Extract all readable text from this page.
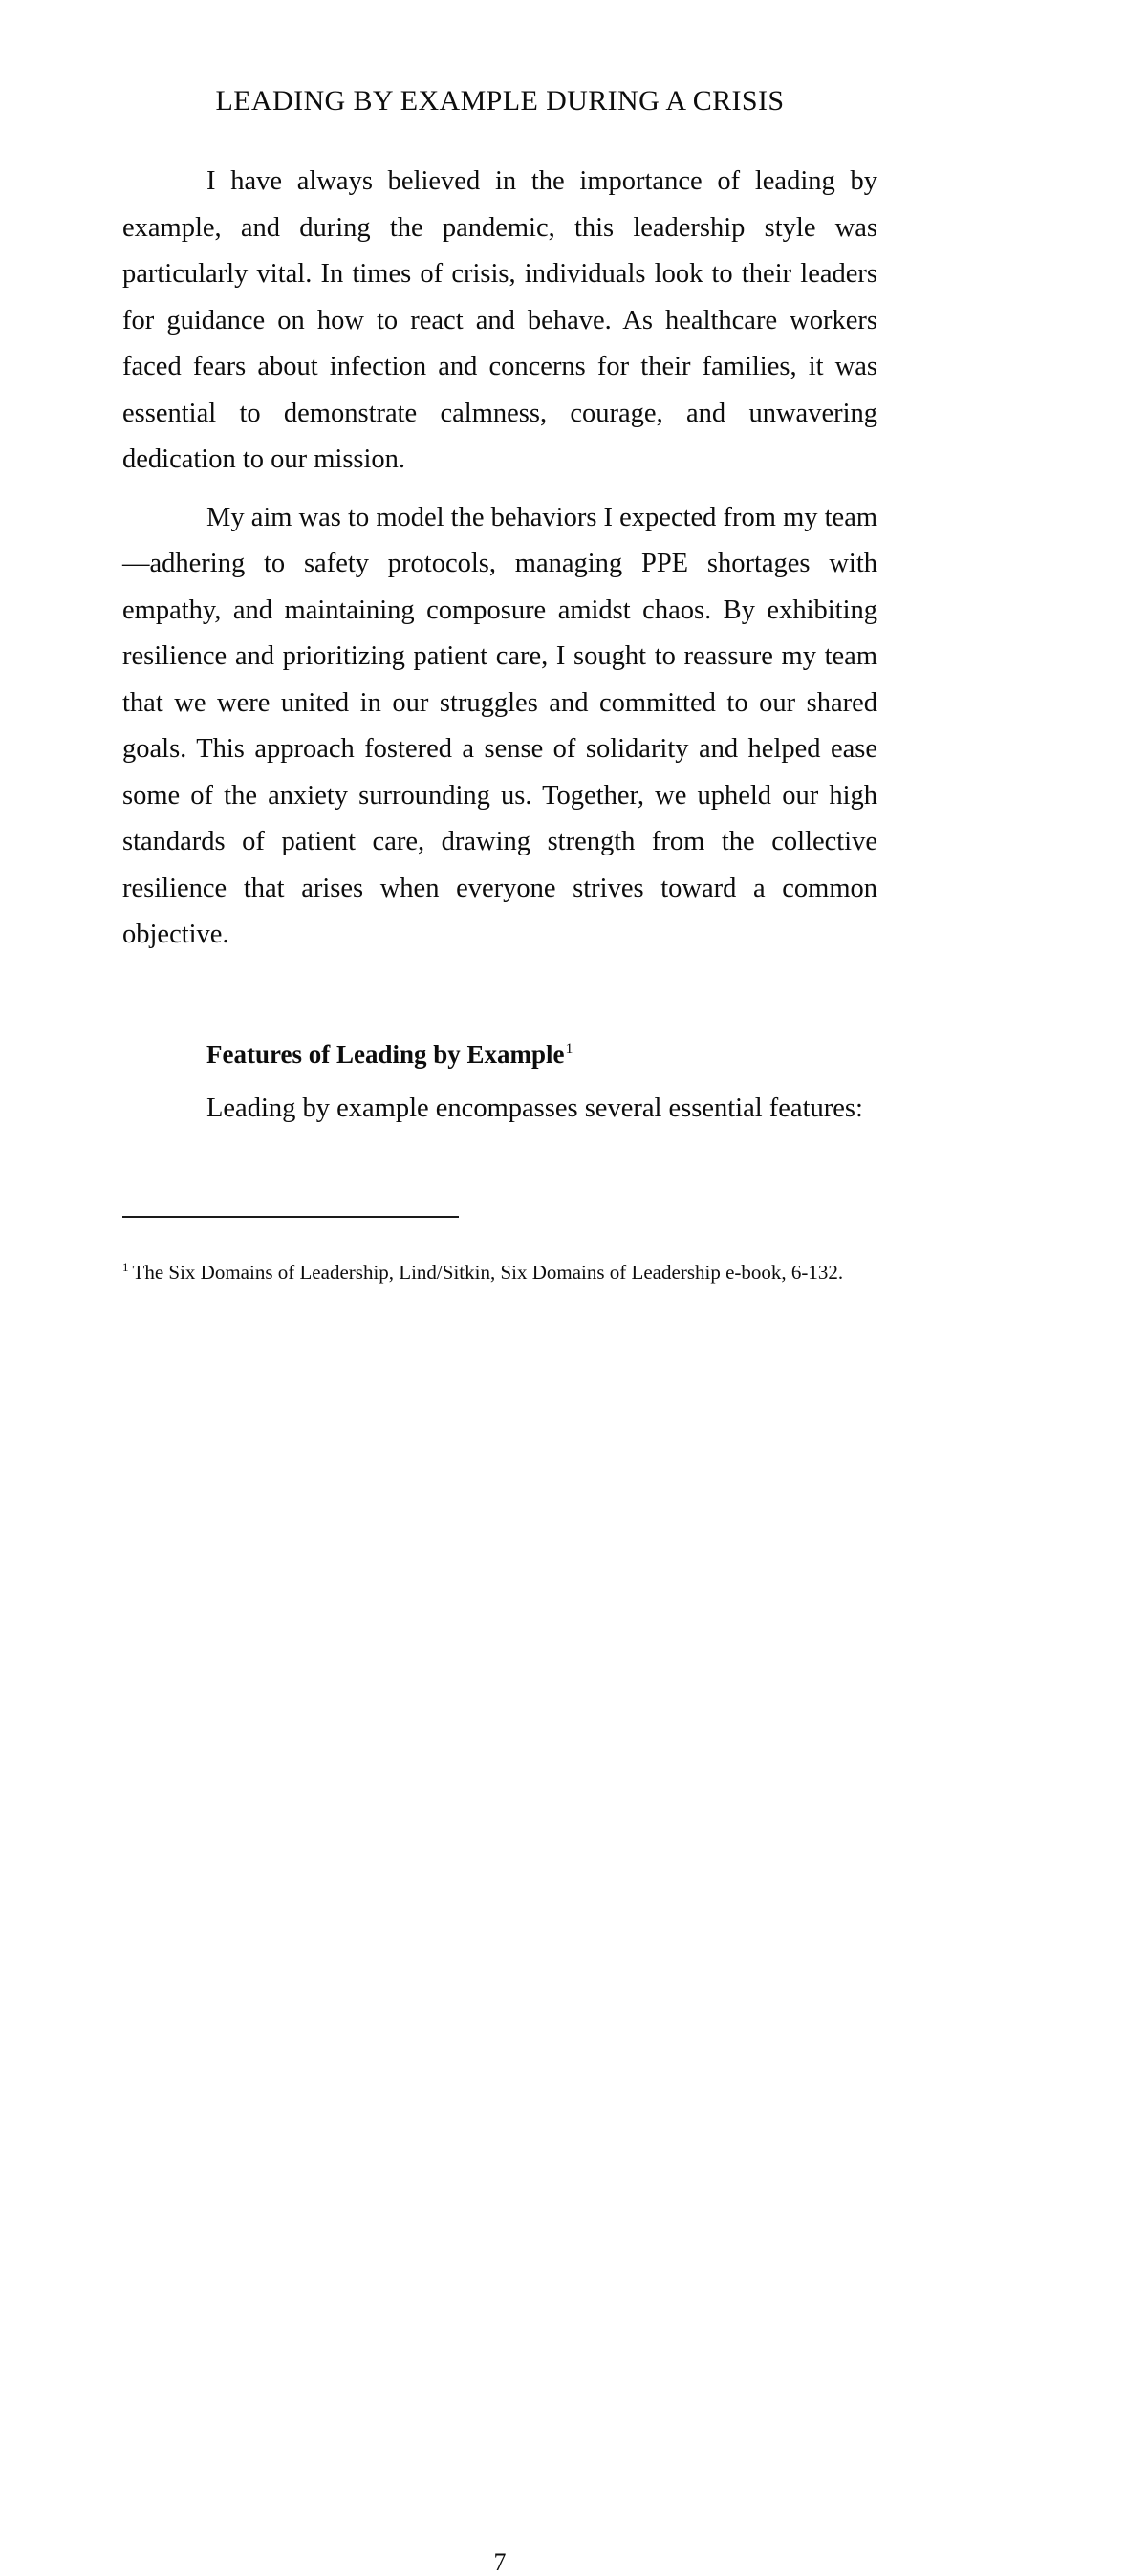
LEADING BY EXAMPLE DURING A CRISIS

I have always believed in the importance of leading by example, and during the pandemic, this leadership style was particularly vital. In times of crisis, individuals look to their leaders for guidance on how to react and behave. As healthcare workers faced fears about infection and concerns for their families, it was essential to demonstrate calmness, courage, and unwavering dedication to our mission.

My aim was to model the behaviors I expected from my team—adhering to safety protocols, managing PPE shortages with empathy, and maintaining composure amidst chaos. By exhibiting resilience and prioritizing patient care, I sought to reassure my team that we were united in our struggles and committed to our shared goals. This approach fostered a sense of solidarity and helped ease some of the anxiety surrounding us. Together, we upheld our high standards of patient care, drawing strength from the collective resilience that arises when everyone strives toward a common objective.

Features of Leading by Example$^1$

Leading by example encompasses several essential features:

$^1$ The Six Domains of Leadership, Lind/Sitkin, Six Domains of Leadership e-book, 6-132.

7
